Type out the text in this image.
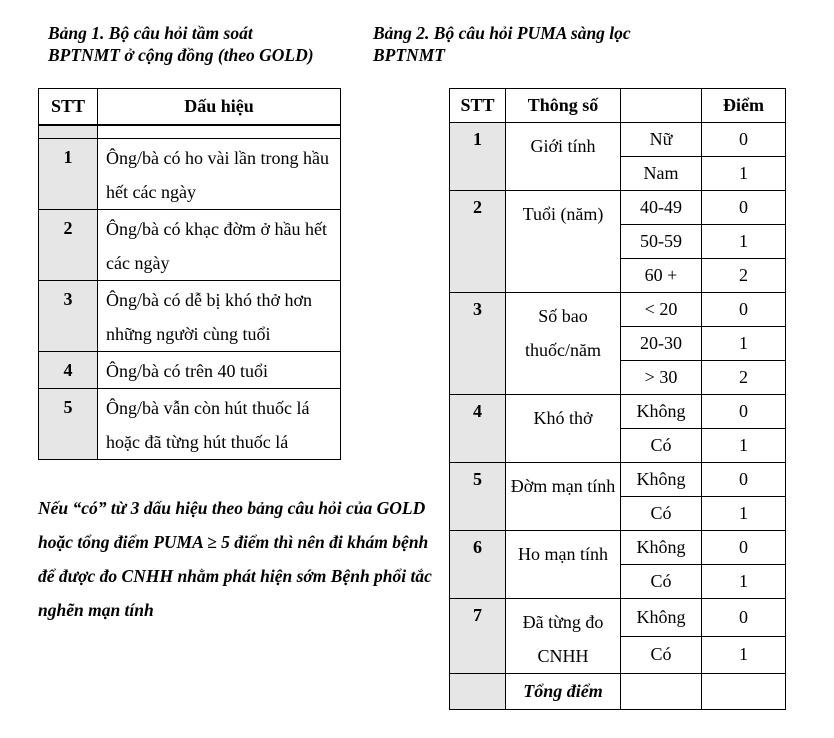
Bảng 1. Bộ câu hỏi tầm soát
BPTNMT ở cộng đồng (theo GOLD)
Bảng 2. Bộ câu hỏi PUMA sàng lọc
BPTNMT
STT	Dấu hiệu

1	Ông/bà có ho vài lần trong hầu hết các ngày

2	Ông/bà có khạc đờm ở hầu hết các ngày

3	Ông/bà có dễ bị khó thở hơn những người cùng tuổi

4	Ông/bà có trên 40 tuổi

5	Ông/bà vẫn còn hút thuốc lá hoặc đã từng hút thuốc lá
STT	Thông số		Điểm
1	Giới tính	Nữ	0
		Nam	1
2	Tuổi (năm)	40-49	0
		50-59	1
		60 +	2
3	Số bao thuốc/năm	< 20	0
		20-30	1
		> 30	2
4	Khó thở	Không	0
		Có	1
5	Đờm mạn tính	Không	0
		Có	1
6	Ho mạn tính	Không	0
		Có	1
7	Đã từng đo CNHH	Không	0
		Có	1
	Tổng điểm		
Nếu “có” từ 3 dấu hiệu theo bảng câu hỏi của GOLD hoặc tổng điểm PUMA ≥ 5 điểm thì nên đi khám bệnh để được đo CNHH nhằm phát hiện sớm Bệnh phổi tắc nghẽn mạn tính
